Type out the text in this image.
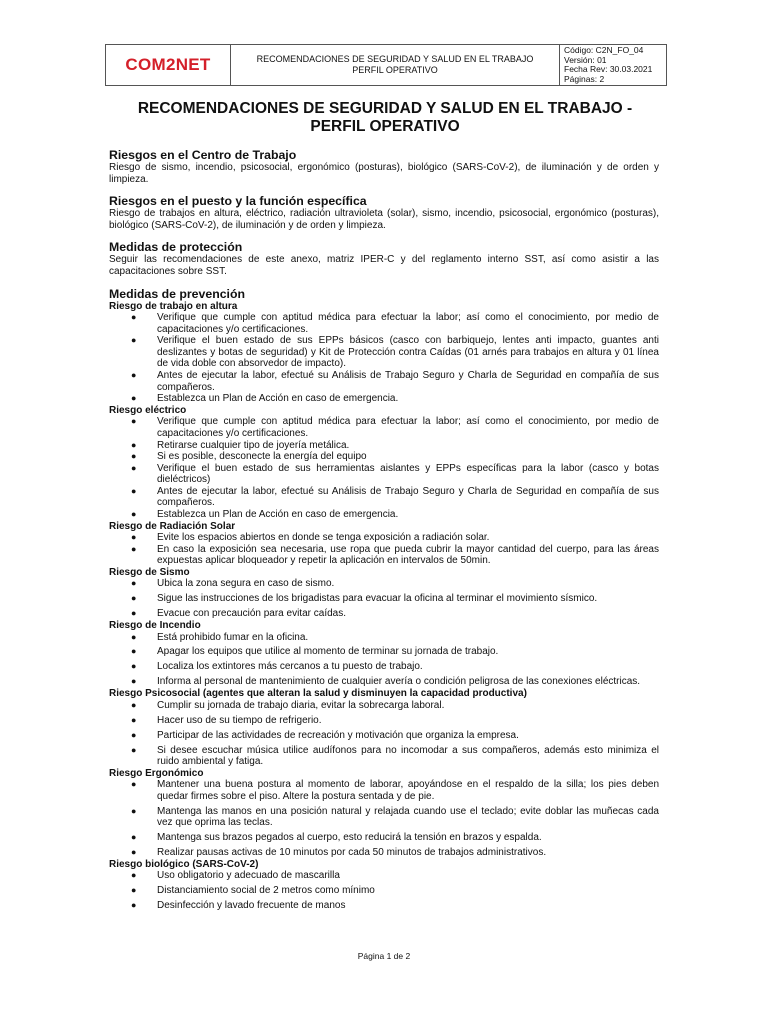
COM2NET	RECOMENDACIONES DE SEGURIDAD Y SALUD EN EL TRABAJO
PERFIL OPERATIVO
Código: C2N_FO_04
Versión: 01
Fecha Rev: 30.03.2021
Páginas: 2
RECOMENDACIONES DE SEGURIDAD Y SALUD EN EL TRABAJO -
PERFIL OPERATIVO

Riesgos en el Centro de Trabajo

Riesgo de sismo, incendio, psicosocial, ergonómico (posturas), biológico (SARS-CoV-2), de iluminación y de orden y limpieza.

Riesgos en el puesto y la función específica

Riesgo de trabajos en altura, eléctrico, radiación ultravioleta (solar), sismo, incendio, psicosocial, ergonómico (posturas), biológico (SARS-CoV-2), de iluminación y de orden y limpieza.

Medidas de protección

Seguir las recomendaciones de este anexo, matriz IPER-C y del reglamento interno SST, así como asistir a las capacitaciones sobre SST.

Medidas de prevención

Riesgo de trabajo en altura
● Verifique que cumple con aptitud médica para efectuar la labor; así como el conocimiento, por medio de capacitaciones y/o certificaciones.
● Verifique el buen estado de sus EPPs básicos (casco con barbiquejo, lentes anti impacto, guantes anti deslizantes y botas de seguridad) y Kit de Protección contra Caídas (01 arnés para trabajos en altura y 01 línea de vida doble con absorvedor de impacto).
● Antes de ejecutar la labor, efectué su Análisis de Trabajo Seguro y Charla de Seguridad en compañía de sus compañeros.
● Establezca un Plan de Acción en caso de emergencia.
Riesgo eléctrico
● Verifique que cumple con aptitud médica para efectuar la labor; así como el conocimiento, por medio de capacitaciones y/o certificaciones.
● Retirarse cualquier tipo de joyería metálica.
● Si es posible, desconecte la energía del equipo
● Verifique el buen estado de sus herramientas aislantes y EPPs específicas para la labor (casco y botas dieléctricos)
● Antes de ejecutar la labor, efectué su Análisis de Trabajo Seguro y Charla de Seguridad en compañía de sus compañeros.
● Establezca un Plan de Acción en caso de emergencia.
Riesgo de Radiación Solar
● Evite los espacios abiertos en donde se tenga exposición a radiación solar.
● En caso la exposición sea necesaria, use ropa que pueda cubrir la mayor cantidad del cuerpo, para las áreas expuestas aplicar bloqueador y repetir la aplicación en intervalos de 50min.
Riesgo de Sismo
● Ubica la zona segura en caso de sismo.
● Sigue las instrucciones de los brigadistas para evacuar la oficina al terminar el movimiento sísmico.
● Evacue con precaución para evitar caídas.
Riesgo de Incendio
● Está prohibido fumar en la oficina.
● Apagar los equipos que utilice al momento de terminar su jornada de trabajo.
● Localiza los extintores más cercanos a tu puesto de trabajo.
● Informa al personal de mantenimiento de cualquier avería o condición peligrosa de las conexiones eléctricas.
Riesgo Psicosocial (agentes que alteran la salud y disminuyen la capacidad productiva)
● Cumplir su jornada de trabajo diaria, evitar la sobrecarga laboral.
● Hacer uso de su tiempo de refrigerio.
● Participar de las actividades de recreación y motivación que organiza la empresa.
● Si desee escuchar música utilice audífonos para no incomodar a sus compañeros, además esto minimiza el ruido ambiental y fatiga.
Riesgo Ergonómico
● Mantener una buena postura al momento de laborar, apoyándose en el respaldo de la silla; los pies deben quedar firmes sobre el piso. Altere la postura sentada y de pie.
● Mantenga las manos en una posición natural y relajada cuando use el teclado; evite doblar las muñecas cada vez que oprima las teclas.
● Mantenga sus brazos pegados al cuerpo, esto reducirá la tensión en brazos y espalda.
● Realizar pausas activas de 10 minutos por cada 50 minutos de trabajos administrativos.
Riesgo biológico (SARS-CoV-2)
● Uso obligatorio y adecuado de mascarilla
● Distanciamiento social de 2 metros como mínimo
● Desinfección y lavado frecuente de manos
Página 1 de 2
